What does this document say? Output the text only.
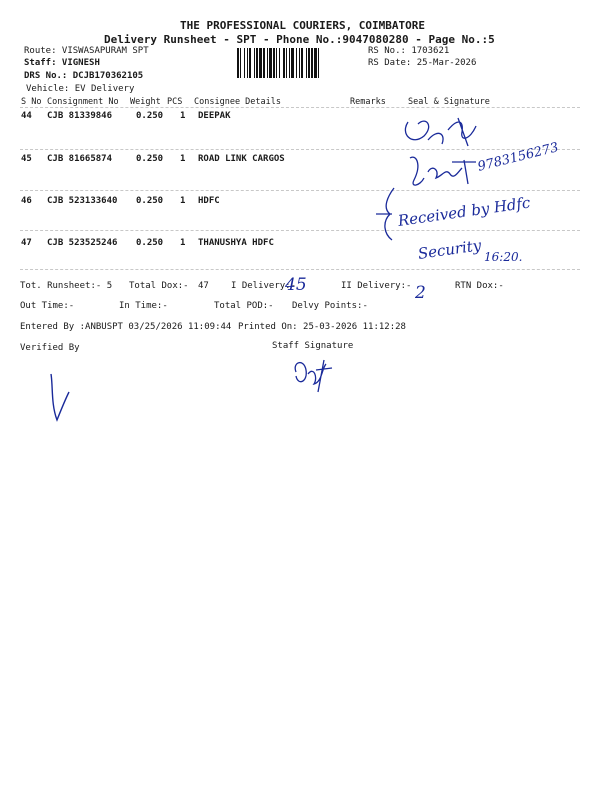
THE PROFESSIONAL COURIERS, COIMBATORE
Delivery Runsheet - SPT - Phone No.:9047080280 - Page No.:5
Route: VISWASAPURAM SPT
Staff: VIGNESH
DRS No.: DCJB170362105
Vehicle: EV Delivery
RS No.: 1703621
RS Date: 25-Mar-2026
S No Consignment No Weight PCS Consignee Details	Remarks	Seal & Signature
44 CJB 81339846	0.250 1 DEEPAK
45 CJB 81665874	0.250 1 ROAD LINK CARGOS
46 CJB 523133640 0.250 1 HDFC
47 CJB 523525246 0.250 1 THANUSHYA HDFC
Tot. Runsheet:- 5 Total Dox:- 47 I Delivery:-
45	II Delivery:- 2	RTN Dox:-
Out Time:-	In Time:-	Total POD:- Delvy Points:-
Entered By :ANBUSPT 03/25/2026 11:09:44 Printed On: 25-03-2026 11:12:28
Verified By	Staff Signature
9783156273
Received by Hdfc
Security 16:20.
